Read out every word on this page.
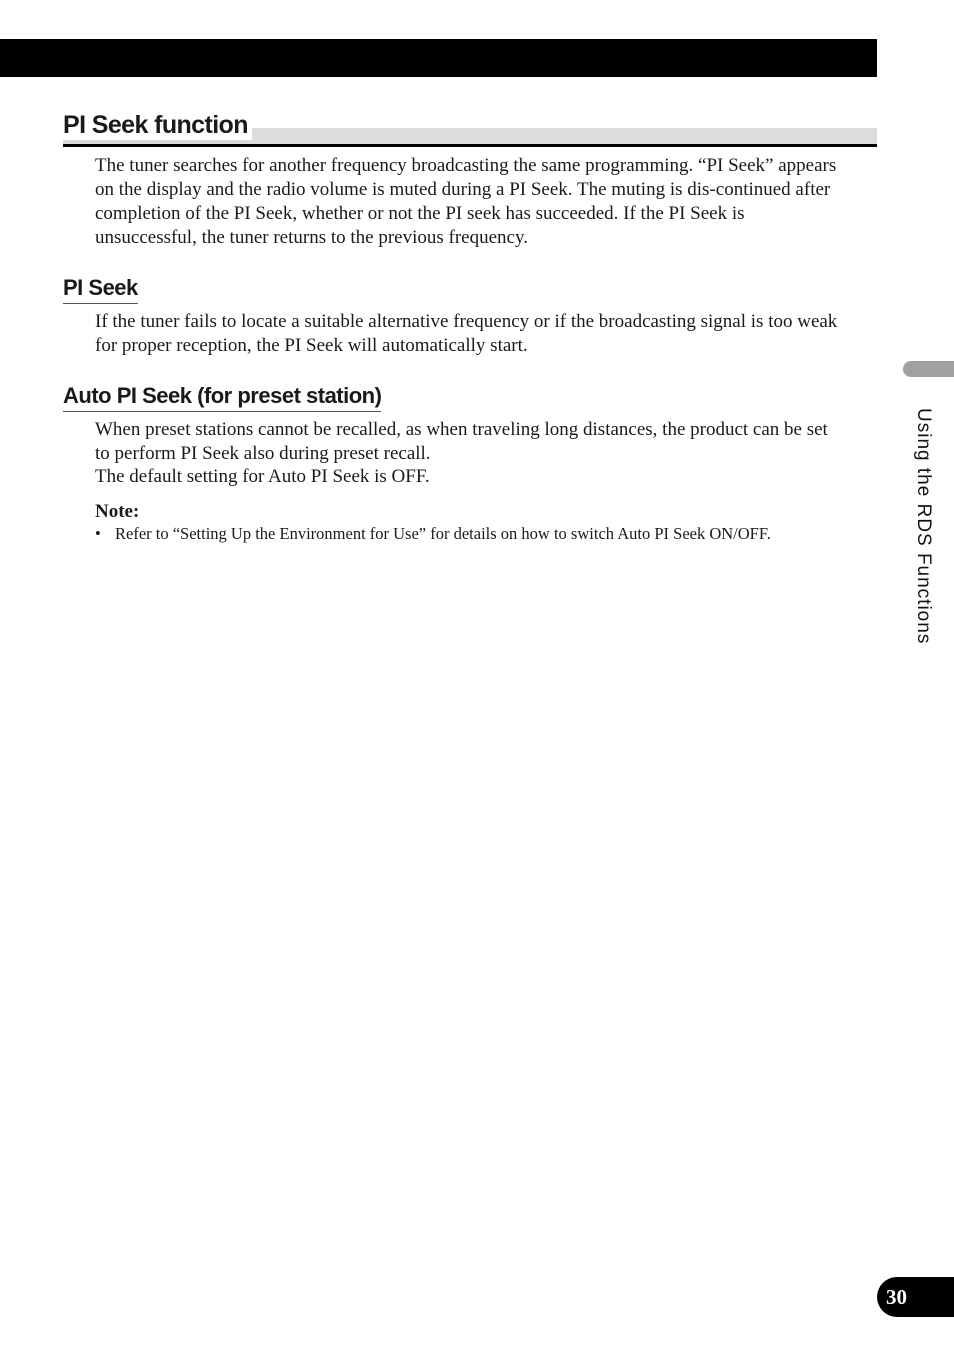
PI Seek function

The tuner searches for another frequency broadcasting the same programming. “PI Seek” appears on the display and the radio volume is muted during a PI Seek. The muting is dis-continued after completion of the PI Seek, whether or not the PI seek has succeeded. If the PI Seek is unsuccessful, the tuner returns to the previous frequency.

PI Seek

If the tuner fails to locate a suitable alternative frequency or if the broadcasting signal is too weak for proper reception, the PI Seek will automatically start.

Auto PI Seek (for preset station)

When preset stations cannot be recalled, as when traveling long distances, the product can be set to perform PI Seek also during preset recall.

The default setting for Auto PI Seek is OFF.

Note:

• Refer to “Setting Up the Environment for Use” for details on how to switch Auto PI Seek ON/OFF.	Using the RDS Functions
30
